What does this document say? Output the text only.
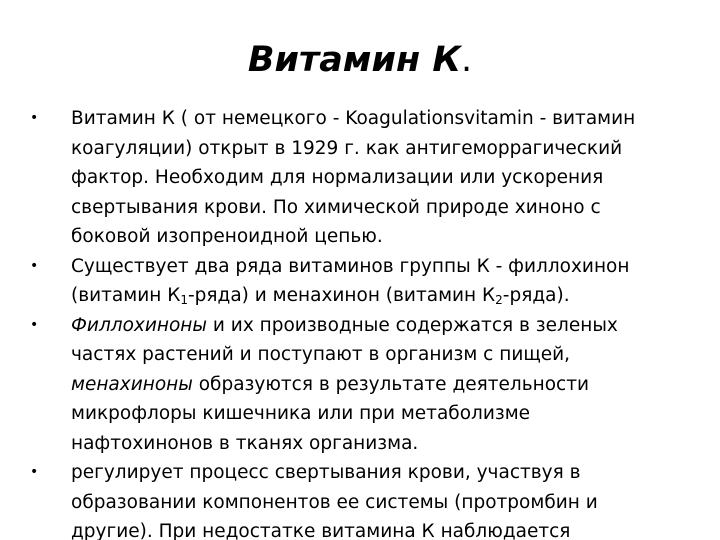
Витамин К.
• Витамин К ( от немецкого - Koagulationsvitamin - витамин
коагуляции) открыт в 1929 г. как антигеморрагический
фактор. Необходим для нормализации или ускорения
свертывания крови. По химической природе хиноно с
боковой изопреноидной цепью.
• Существует два ряда витаминов группы К - филлохинон
(витамин $К_1-ряда$) и менахинон (витамин $К_2-ряда$).
• Филлохиноны и их производные содержатся в зеленых
частях растений и поступают в организм с пищей,
менахиноны образуются в результате деятельности
микрофлоры кишечника или при метаболизме
нафтохинонов в тканях организма.
• регулирует процесс свертывания крови, участвуя в
образовании компонентов ее системы (протромбин и
другие). При недостатке витамина К наблюдается
